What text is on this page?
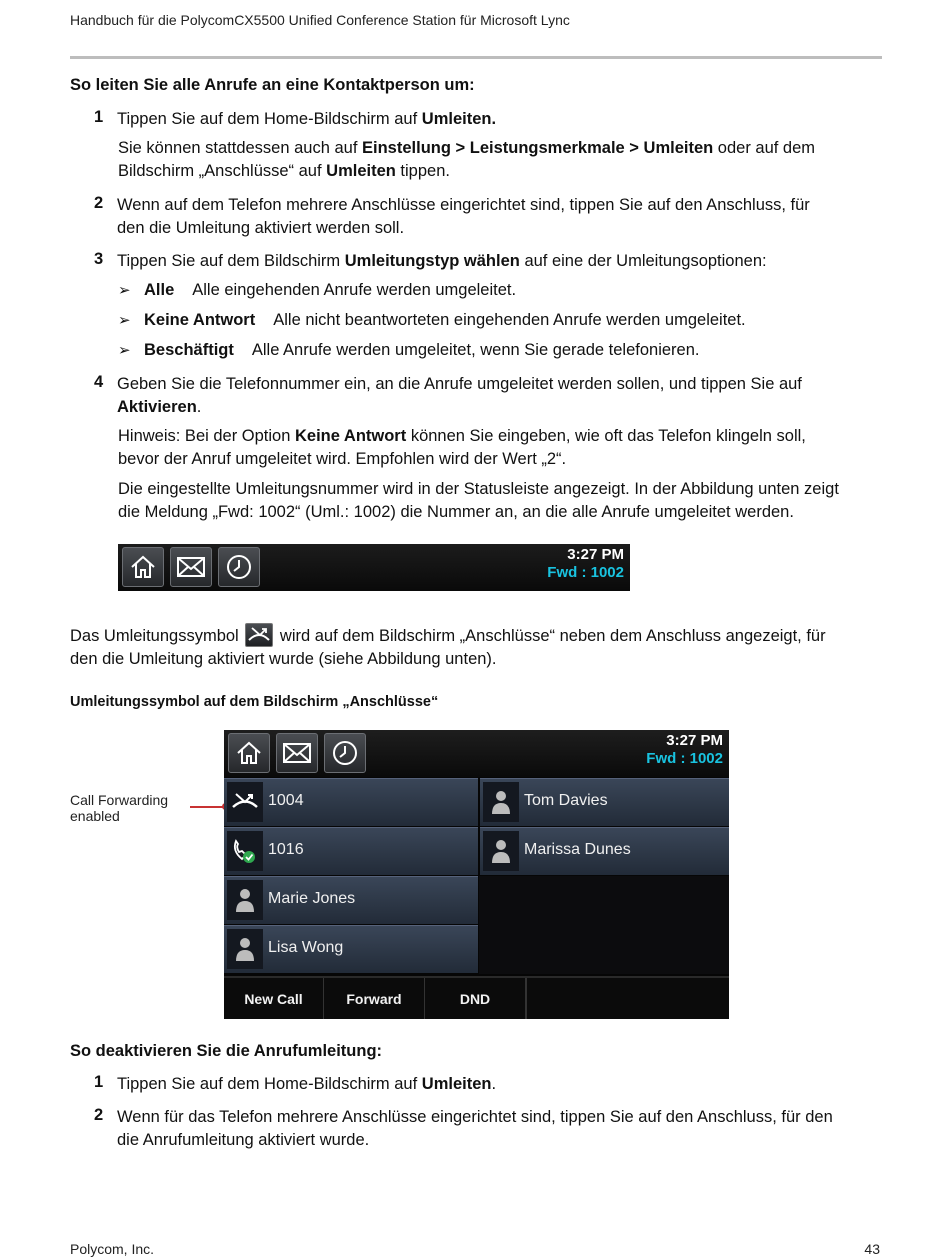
Handbuch für die PolycomCX5500 Unified Conference Station für Microsoft Lync
So leiten Sie alle Anrufe an eine Kontaktperson um:
1 Tippen Sie auf dem Home-Bildschirm auf Umleiten.
Sie können stattdessen auch auf Einstellung > Leistungsmerkmale > Umleiten oder auf dem
Bildschirm „Anschlüsse“ auf Umleiten tippen.
2 Wenn auf dem Telefon mehrere Anschlüsse eingerichtet sind, tippen Sie auf den Anschluss, für
den die Umleitung aktiviert werden soll.
3 Tippen Sie auf dem Bildschirm Umleitungstyp wählen auf eine der Umleitungsoptionen:
➢ Alle Alle eingehenden Anrufe werden umgeleitet.
➢ Keine Antwort Alle nicht beantworteten eingehenden Anrufe werden umgeleitet.
➢ Beschäftigt Alle Anrufe werden umgeleitet, wenn Sie gerade telefonieren.
4 Geben Sie die Telefonnummer ein, an die Anrufe umgeleitet werden sollen, und tippen Sie auf
Aktivieren.
Hinweis: Bei der Option Keine Antwort können Sie eingeben, wie oft das Telefon klingeln soll,
bevor der Anruf umgeleitet wird. Empfohlen wird der Wert „2“.
Die eingestellte Umleitungsnummer wird in der Statusleiste angezeigt. In der Abbildung unten zeigt
die Meldung „Fwd: 1002“ (Uml.: 1002) die Nummer an, an die alle Anrufe umgeleitet werden.
3:27 PM
Fwd : 1002
Das Umleitungssymbol wird auf dem Bildschirm „Anschlüsse“ neben dem Anschluss angezeigt, für
den die Umleitung aktiviert wurde (siehe Abbildung unten).
Umleitungssymbol auf dem Bildschirm „Anschlüsse“
Call Forwarding
enabled
3:27 PM
Fwd : 1002
1004	Tom Davies
1016	Marissa Dunes
Marie Jones
Lisa Wong
New Call	Forward	DND
So deaktivieren Sie die Anrufumleitung:
1 Tippen Sie auf dem Home-Bildschirm auf Umleiten.
2 Wenn für das Telefon mehrere Anschlüsse eingerichtet sind, tippen Sie auf den Anschluss, für den
die Anrufumleitung aktiviert wurde.
Polycom, Inc.	43
